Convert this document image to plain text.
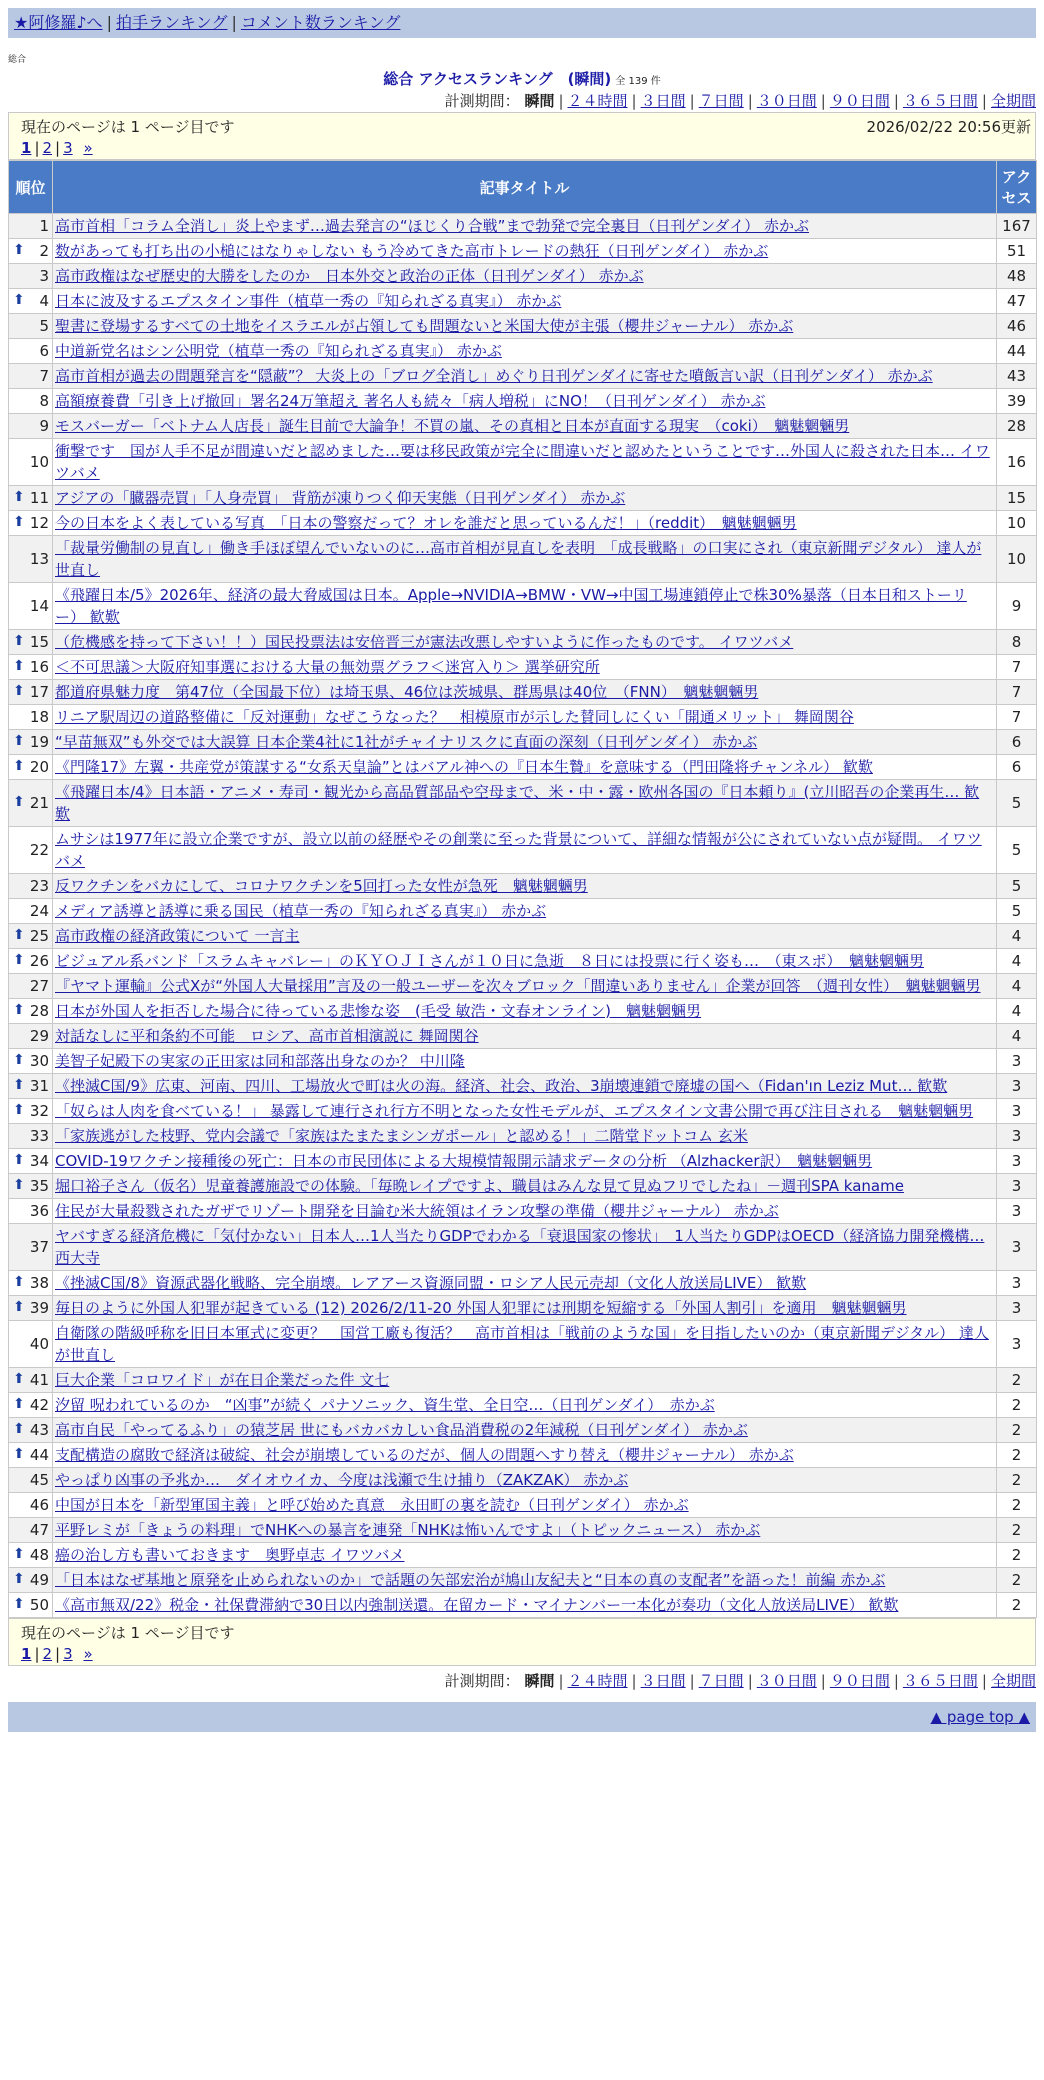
★阿修羅♪へ | 拍手ランキング | コメント数ランキング
総合
総合 アクセスランキング　(瞬間) 全 139 件
計測期間： 瞬間 | ２４時間 | ３日間 | ７日間 | ３０日間 | ９０日間 | ３６５日間 | 全期間
現在のページは 1 ページ目です	2026/02/22 20:56更新
1 | 2 | 3 »
順位	記事タイトル	アクセス
1	高市首相「コラム全消し」炎上やまず…過去発言の“ほじくり合戦”まで勃発で完全裏目（日刊ゲンダイ） 赤かぶ	167

⬆ 2	数があっても打ち出の小槌にはなりゃしない もう冷めてきた高市トレードの熱狂（日刊ゲンダイ） 赤かぶ	51
3	高市政権はなぜ歴史的大勝をしたのか　日本外交と政治の正体（日刊ゲンダイ） 赤かぶ	48

⬆ 4	日本に波及するエプスタイン事件（植草一秀の『知られざる真実』） 赤かぶ	47
5	聖書に登場するすべての土地をイスラエルが占領しても問題ないと米国大使が主張（櫻井ジャーナル） 赤かぶ	46
6	中道新党名はシン公明党（植草一秀の『知られざる真実』） 赤かぶ	44
7	高市首相が過去の問題発言を“隠蔽”？ 大炎上の「ブログ全消し」めぐり日刊ゲンダイに寄せた噴飯言い訳（日刊ゲンダイ） 赤かぶ	43
8	高額療養費「引き上げ撤回」署名24万筆超え 著名人も続々「病人増税」にNO！（日刊ゲンダイ） 赤かぶ	39
9	モスバーガー「ベトナム人店長」誕生目前で大論争！不買の嵐、その真相と日本が直面する現実　（coki）　魑魅魍魎男	28
10	衝撃です　国が人手不足が間違いだと認めました…要は移民政策が完全に間違いだと認めたということです…外国人に殺された日本… イワツバメ	16

⬆ 11	アジアの「臓器売買」「人身売買」 背筋が凍りつく仰天実態（日刊ゲンダイ） 赤かぶ	15

⬆ 12	今の日本をよく表している写真　「日本の警察だって？オレを誰だと思っているんだ！」（reddit）　魑魅魍魎男	10
13	「裁量労働制の見直し」働き手ほぼ望んでいないのに…高市首相が見直しを表明　「成長戦略」の口実にされ（東京新聞デジタル） 達人が世直し	10
14	《飛躍日本/5》2026年、経済の最大脅威国は日本。Apple→NVIDIA→BMW・VW→中国工場連鎖停止で株30%暴落（日本日和ストーリー） 歓歎	9

⬆ 15	（危機感を持って下さい！！）国民投票法は安倍晋三が憲法改悪しやすいように作ったものです。 イワツバメ	8

⬆ 16	＜不可思議＞大阪府知事選における大量の無効票グラフ＜迷宮入り＞ 選挙研究所	7

⬆ 17	都道府県魅力度　第47位（全国最下位）は埼玉県、46位は茨城県、群馬県は40位　（FNN）　魑魅魍魎男	7
18	リニア駅周辺の道路整備に「反対運動」なぜこうなった？　相模原市が示した賛同しにくい「開通メリット」 舞岡関谷	7

⬆ 19	“早苗無双”も外交では大誤算 日本企業4社に1社がチャイナリスクに直面の深刻（日刊ゲンダイ） 赤かぶ	6

⬆ 20	《門隆17》左翼・共産党が策謀する“女系天皇論”とはバアル神への『日本生贄』を意味する（門田隆将チャンネル） 歓歎	6

⬆ 21	《飛躍日本/4》日本語・アニメ・寿司・観光から高品質部品や空母まで、米・中・露・欧州各国の『日本頼り』(立川昭吾の企業再生… 歓歎	5
22	ムサシは1977年に設立企業ですが、設立以前の経歴やその創業に至った背景について、詳細な情報が公にされていない点が疑問。 イワツバメ	5
23	反ワクチンをバカにして、コロナワクチンを5回打った女性が急死　魑魅魍魎男	5
24	メディア誘導と誘導に乗る国民（植草一秀の『知られざる真実』） 赤かぶ	5

⬆ 25	高市政権の経済政策について 一言主	4

⬆ 26	ビジュアル系バンド「スラムキャバレー」のＫＹＯＪＩさんが１０日に急逝　８日には投票に行く姿も…　（東スポ）　魑魅魍魎男	4
27	『ヤマト運輸』公式Xが“外国人大量採用”言及の一般ユーザーを次々ブロック「間違いありません」企業が回答　（週刊女性）　魑魅魍魎男	4

⬆ 28	日本が外国人を拒否した場合に待っている悲惨な姿　(毛受 敏浩・文春オンライン)　魑魅魍魎男	4
29	対話なしに平和条約不可能　ロシア、高市首相演説に 舞岡関谷	4

⬆ 30	美智子妃殿下の実家の正田家は同和部落出身なのか？ 中川隆	3

⬆ 31	《挫滅C国/9》広東、河南、四川、工場放火で町は火の海。経済、社会、政治、3崩壊連鎖で廃墟の国へ（Fidan'ın Leziz Mut… 歓歎	3

⬆ 32	「奴らは人肉を食べている！」 暴露して連行され行方不明となった女性モデルが、エプスタイン文書公開で再び注目される　魑魅魍魎男	3
33	「家族逃がした枝野、党内会議で「家族はたまたまシンガポール」と認める！」二階堂ドットコム 玄米	3

⬆ 34	COVID-19ワクチン接種後の死亡：日本の市民団体による大規模情報開示請求データの分析 （Alzhacker訳）　魑魅魍魎男	3

⬆ 35	堀口裕子さん（仮名）児童養護施設での体験。「毎晩レイプですよ、職員はみんな見て見ぬフリでしたね」－週刊SPA kaname	3
36	住民が大量殺戮されたガザでリゾート開発を目論む米大統領はイラン攻撃の準備（櫻井ジャーナル） 赤かぶ	3
37	ヤバすぎる経済危機に「気付かない」日本人…1人当たりGDPでわかる「衰退国家の惨状」　1人当たりGDPはOECD（経済協力開発機構… 西大寺	3

⬆ 38	《挫滅C国/8》資源武器化戦略、完全崩壊。レアアース資源同盟・ロシア人民元売却（文化人放送局LIVE） 歓歎	3

⬆ 39	毎日のように外国人犯罪が起きている (12) 2026/2/11-20 外国人犯罪には刑期を短縮する「外国人割引」を適用　魑魅魍魎男	3
40	自衛隊の階級呼称を旧日本軍式に変更？　国営工廠も復活？　高市首相は「戦前のような国」を目指したいのか（東京新聞デジタル） 達人が世直し	3

⬆ 41	巨大企業「コロワイド」が在日企業だった件 文七	2

⬆ 42	汐留 呪われているのか　“凶事”が続く パナソニック、資生堂、全日空…（日刊ゲンダイ）　赤かぶ	2

⬆ 43	高市自民「やってるふり」の猿芝居 世にもバカバカしい食品消費税の2年減税（日刊ゲンダイ） 赤かぶ	2

⬆ 44	支配構造の腐敗で経済は破綻、社会が崩壊しているのだが、個人の問題へすり替え（櫻井ジャーナル） 赤かぶ	2
45	やっぱり凶事の予兆か…　ダイオウイカ、今度は浅瀬で生け捕り（ZAKZAK） 赤かぶ	2
46	中国が日本を「新型軍国主義」と呼び始めた真意　永田町の裏を読む（日刊ゲンダイ） 赤かぶ	2
47	平野レミが「きょうの料理」でNHKへの暴言を連発「NHKは怖いんですよ」（トピックニュース） 赤かぶ	2

⬆ 48	癌の治し方も書いておきます　奥野卓志 イワツバメ	2

⬆ 49	「日本はなぜ基地と原発を止められないのか」で話題の矢部宏治が鳩山友紀夫と“日本の真の支配者”を語った！前編 赤かぶ	2

⬆ 50	《高市無双/22》税金・社保費滞納で30日以内強制送還。在留カード・マイナンバー一本化が奏功（文化人放送局LIVE） 歓歎	2
現在のページは 1 ページ目です
1 | 2 | 3 »
計測期間： 瞬間 | ２４時間 | ３日間 | ７日間 | ３０日間 | ９０日間 | ３６５日間 | 全期間
▲ page top ▲
